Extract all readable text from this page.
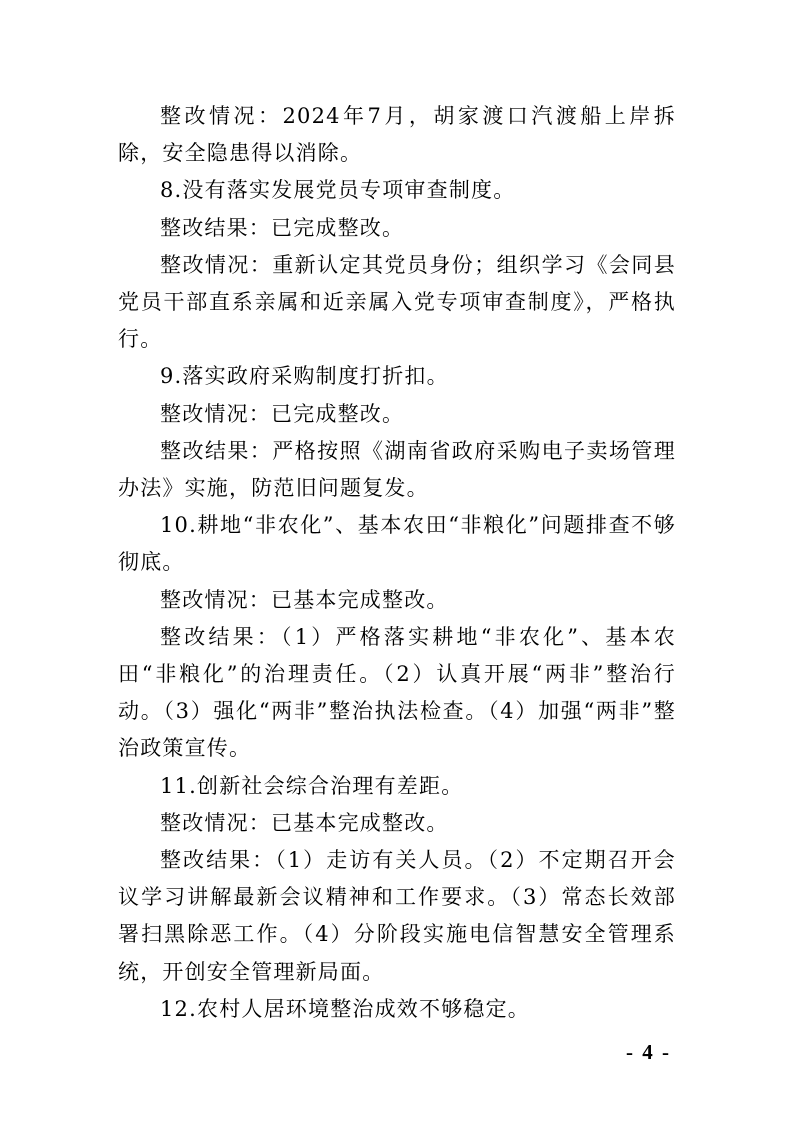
整改情况：2024年7月，胡家渡口汽渡船上岸拆除，安全隐患得以消除。

8.没有落实发展党员专项审查制度。

整改结果：已完成整改。

整改情况：重新认定其党员身份；组织学习《会同县党员干部直系亲属和近亲属入党专项审查制度》，严格执行。

9.落实政府采购制度打折扣。

整改情况：已完成整改。

整改结果：严格按照《湖南省政府采购电子卖场管理办法》实施，防范旧问题复发。

10.耕地“非农化”、基本农田“非粮化”问题排查不够彻底。

整改情况：已基本完成整改。

整改结果：（1）严格落实耕地“非农化”、基本农田“非粮化”的治理责任。（2）认真开展“两非”整治行动。（3）强化“两非”整治执法检查。（4）加强“两非”整治政策宣传。

11.创新社会综合治理有差距。

整改情况：已基本完成整改。

整改结果：（1）走访有关人员。（2）不定期召开会议学习讲解最新会议精神和工作要求。（3）常态长效部署扫黑除恶工作。（4）分阶段实施电信智慧安全管理系统，开创安全管理新局面。

12.农村人居环境整治成效不够稳定。

- 4 -
